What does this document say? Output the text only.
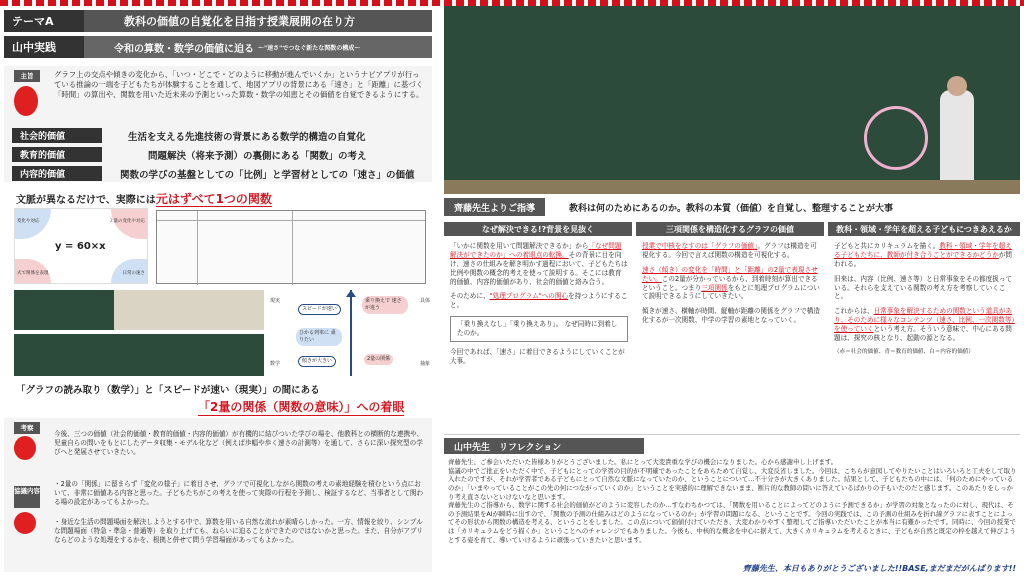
テーマA	教科の価値の自覚化を目指す授業展開の在り方
山中実践	令和の算数・数学の価値に迫る 〜"速さ"でつなぐ新たな関数の構成〜
主旨	グラフ上の交点や傾きの変化から、「いつ・どこで・どのように移動が進んでいくか」というナビアプリが行っている推論の一端を子どもたちが体験することを通して、地図アプリの背景にある「速さ」と「距離」に基づく「時間」の算出や、関数を用いた近未来の予測といった算数・数学の知恵とその価値を自覚できるようにする。
社会的価値	生活を支える先進技術の背景にある数学的構造の自覚化
教育的価値	問題解決（将来予測）の裏側にある「関数」の考え
内容的価値	関数の学びの基盤としての「比例」と学習材としての「速さ」の価値
文脈が異なるだけで、実際には元はずべて1つの関数
変化や対応	２量の変化や対応
式で関係を表現	日常の速さ
y = 60×x
現実	具体
数学	抽象
スピードが速い
乗り換えで 速さが違う
ひかる列車に 乗りたい
傾きが大きい	2量の関係
「グラフの読み取り（数学）」と「スピードが速い（現実）」の間にある
「2量の関係（関数の意味）」への着眼
考察
今後、三つの価値（社会的価値・教育的価値・内容的価値）が有機的に結びついた学びの場を、他教科との横断的な連携や、児童自らの問いをもとにしたデータ収集・モデル化など（例えば歩幅や歩く速さの計測等）を通して、さらに深い探究型の学びへと発展させていきたい。
協議内容
・2量の「関係」に留まらず「変化の様子」に着目させ、グラフで可視化しながら関数の考えの素地経験を積むという点において、非常に価値ある内容と思った。子どもたちがこの考えを使って実際の行程を予測し、検証するなど、当事者として関わる場の設定があってもよかった。
・身近な生活の問題場面を解決しようとする中で、算数を用いる自然な流れが素晴らしかった。一方、情報を絞り、シンプルな問題場面（特急・準急・普通等）を取り上げても、ねらいに迫ることができたのではないかと思った。また、自分がアプリならどのような処理をするかを、根拠と併せて問う学習場面があってもよかった。
齊藤先生よりご指導	教科は何のためにあるのか。教科の本質（価値）を自覚し、整理することが大事
なぜ解決できる!?背景を見抜く	三項関係を構造化するグラフの価値	教科・領域・学年を超える子どもにつきあえるか
「いかに関数を用いて問題解決できるか」から「なぜ問題解決ができたのか」への着眼点の転換。その背景に目を向け、速さの仕組みを解き明かす過程において、子どもたちは比例や関数の概念的考えを使って説明する。そこには教育的価値、内容的価値があり、社会的価値と絡み合う。
そのために、"処理プログラム"への関心を持つようにすること。
「乗り換えなし」「乗り換えあり」。 なぜ同時に到着したのか。
今回であれば、「速さ」に着目できるようにしていくことが大事。
授業で中核をなすのは「グラフの価値」。グラフは構造を可視化する。今回で言えば関数の構造を可視化する。
速さ（傾き）の変化を「時間」と「距離」の2量で表現させたい。この2量が分かっているから、到着時刻が算出できるということ。つまり三項関係をもとに処理プログラムについて説明できるようにしていきたい。
傾きが速さ、横軸が時間、縦軸が距離の関係をグラフで構造化するが一次関数、中学の学習の素地となっていく。
子どもと共にカリキュラムを描く。教科・領域・学年を超える子どもたちに、教師が付き合うことができるかどうかが問われる。
旧来は、内容（比例、速さ等）と日常事象をその都度扱っている。それらを支えている関数の考え方を考察していくこと。
これからは、日常事象を解決するための関数という道具があり、そのために様々なコンテンツ（速さ、比例、一次関数等）を使っていくという考え方。そういう意味で、中心にある問題は、探究の核となり、起動の源となる。
（赤＝社会的価値、青＝教育的価値、白＝内容的価値）
山中先生　リフレクション
齊藤先生、ご参会いただいた皆様ありがとうございました。私にとって大変貴重な学びの機会になりました。心から感謝申し上げます。
協議の中でご批正をいただく中で、子どもにとっての学習の目的が不明確であったことをあらためて自覚し、大変反省しました。今回は、こちらが意図してやりたいことはいろいろと工夫をして取り入れたのですが、それが学習者である子どもにとって自然な文脈になっていたのか、ということについて…不十分さが大きくありました。結果として、子どもたちの中には、「何のためにやっているのか」「いまやっていることがこの先の何につながっていくのか」ということを実感的に理解できないまま、断片的な教師の問いに答えているばかりの子もいたのだと感じます。このあたりをしっかり考え直さないといけないなと思います。
齊藤先生のご指導から、数学に関する社会的価値がどのように変容したのか…すなわちかつては、「関数を用いることによってどのように予測できるか」が学習の対象となったのに対し、現代は、その予測結果をAIが瞬時に出すので、「関数の予測の仕組みはどのようになっているのか」が学習の問題になる、ということです。今回の実践では、この予測の仕組みを折れ線グラフに表すことによってその形状から関数の構造を考える、ということをしました。この点について価値付けていただき、大変わかりやすく整理してご指導いただいたことが本当に有難かったです。同時に、今回の授業では「カリキュラムをどう描くか」ということへのチャレンジでもありました。今後も、中核的な概念を中心に据えて、大きくカリキュラムを考えるときに、子どもが自然と既定の枠を越えて伸びようとする姿を育て、導いていけるように頑張っていきたいと思います。
齊藤先生、本日もありがとうございました!!BASE,まだまだがんばります!!
